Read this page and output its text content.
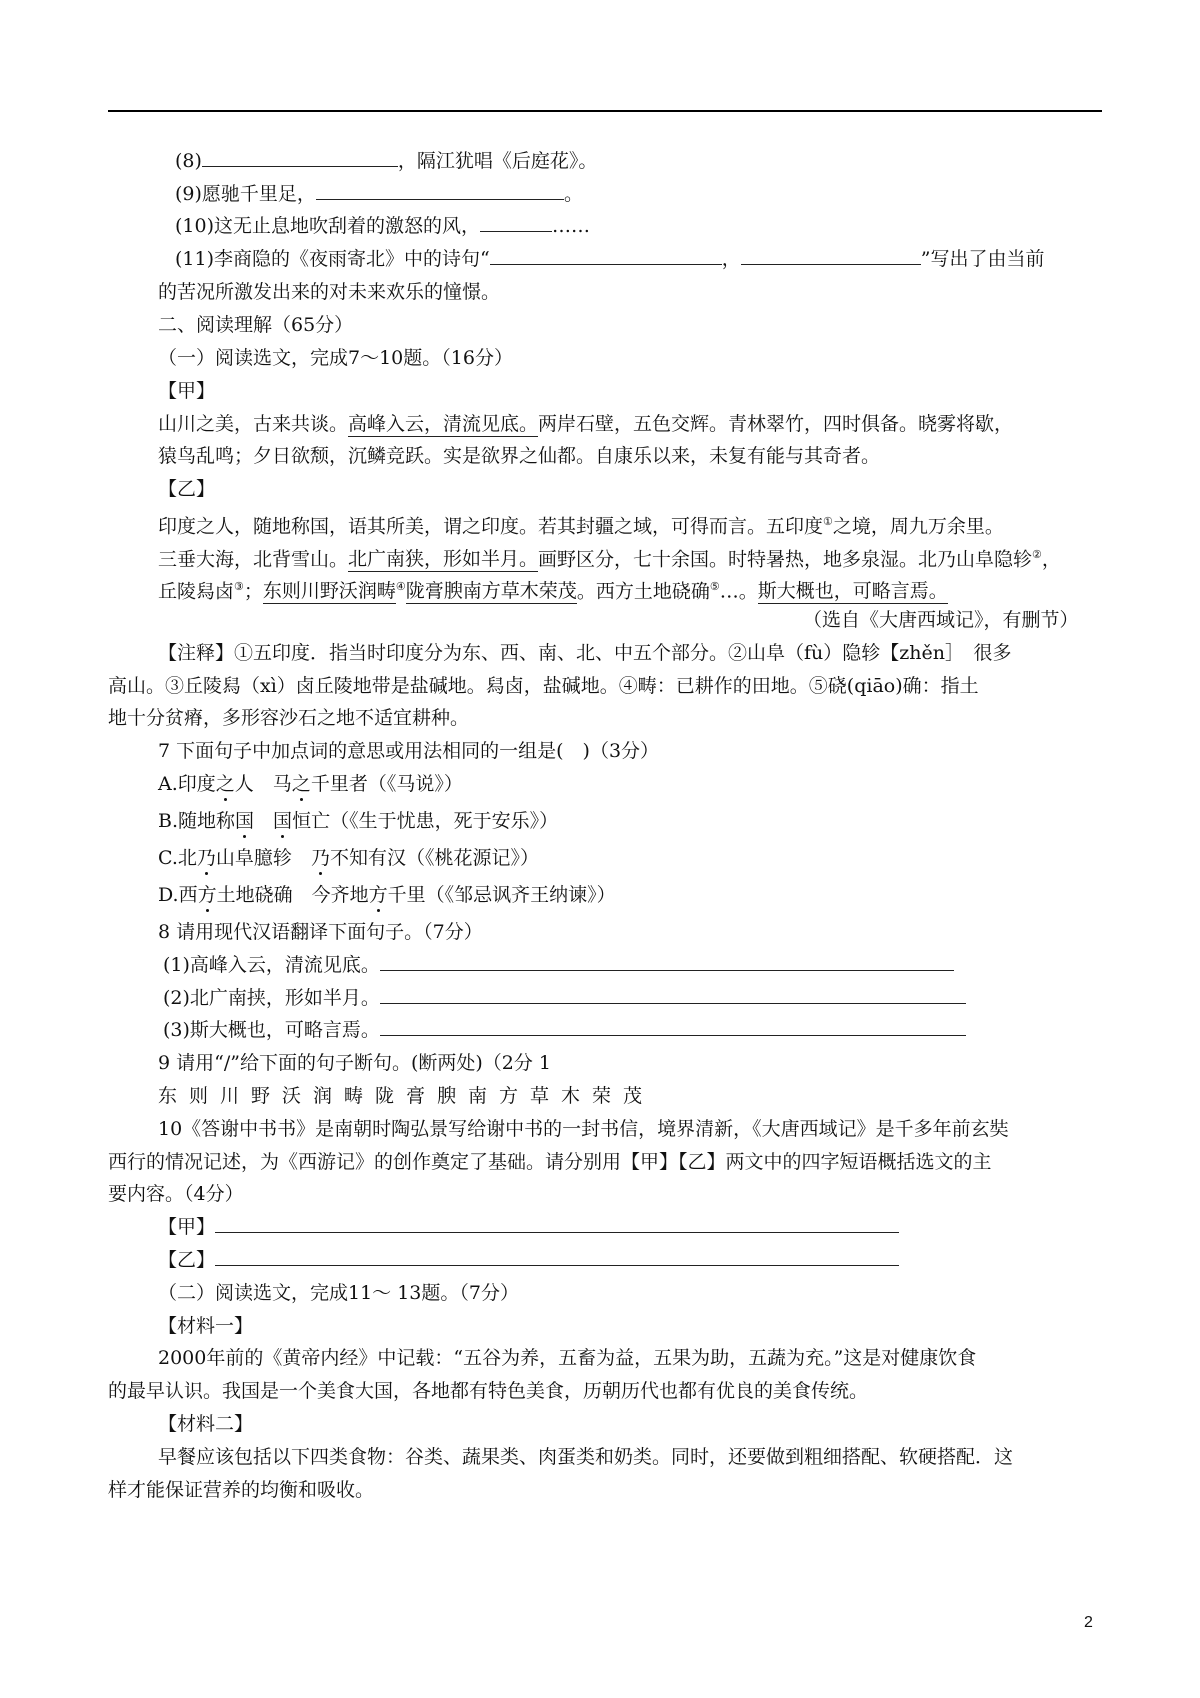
(8)	，隔江犹唱《后庭花》。
(9)愿驰千里足，	。
(10)这无止息地吹刮着的激怒的风，	……
(11)李商隐的《夜雨寄北》中的诗句“	，	”写出了由当前
的苦况所激发出来的对未来欢乐的憧憬。
二、阅读理解（65分）
（一）阅读选文，完成7～10题。（16分）
【甲】
山川之美，古来共谈。高峰入云，清流见底。两岸石壁，五色交辉。青林翠竹，四时俱备。晓雾将歇，
猿鸟乱鸣；夕日欲颓，沉鳞竞跃。实是欲界之仙都。自康乐以来，未复有能与其奇者。
【乙】
印度之人，随地称国，语其所美，谓之印度。若其封疆之域，可得而言。五印度①之境，周九万余里。
三垂大海，北背雪山。北广南狭，形如半月。画野区分，七十余国。时特暑热，地多泉湿。北乃山阜隐轸②，
丘陵舄卤③；东则川野沃润畴④陇膏腴南方草木荣茂。西方土地硗确⑤…。斯大概也，可略言焉。
（选自《大唐西域记》，有删节）
【注释】①五印度．指当时印度分为东、西、南、北、中五个部分。②山阜（fù）隐轸【zhěn］　很多
高山。③丘陵舄（xì）卤丘陵地带是盐碱地。舄卤，盐碱地。④畴：已耕作的田地。⑤硗(qiāo)确：指土
地十分贫瘠，多形容沙石之地不适宜耕种。
7 下面句子中加点词的意思或用法相同的一组是(　)（3分）
A.印度之人　马之千里者（《马说》）
B.随地称国　 国恒亡（《生于忧患，死于安乐》）
C.北乃山阜臆轸　乃不知有汉（《桃花源记》）
D.西方土地硗确　今齐地方千里（《邹忌讽齐王纳谏》）
8 请用现代汉语翻译下面句子。（7分）
(1)高峰入云，清流见底。
(2)北广南挟，形如半月。
(3)斯大概也，可略言焉。
9 请用“/”给下面的句子断句。(断两处)（2分 1
东 则 川 野 沃 润 畴 陇 膏 腴 南 方 草 木 荣 茂
10《答谢中书书》是南朝时陶弘景写给谢中书的一封书信，境界清新，《大唐西域记》是千多年前玄奘
西行的情况记述，为《西游记》的创作奠定了基础。请分别用【甲】【乙】两文中的四字短语概括选文的主
要内容。（4分）
【甲】
【乙】
（二）阅读选文，完成11～ 13题。（7分）
【材料一】
2000年前的《黄帝内经》中记载：“五谷为养，五畜为益，五果为助，五蔬为充。”这是对健康饮食
的最早认识。我国是一个美食大国，各地都有特色美食，历朝历代也都有优良的美食传统。
【材料二】
早餐应该包括以下四类食物：谷类、蔬果类、肉蛋类和奶类。同时，还要做到粗细搭配、软硬搭配．这
样才能保证营养的均衡和吸收。
2
